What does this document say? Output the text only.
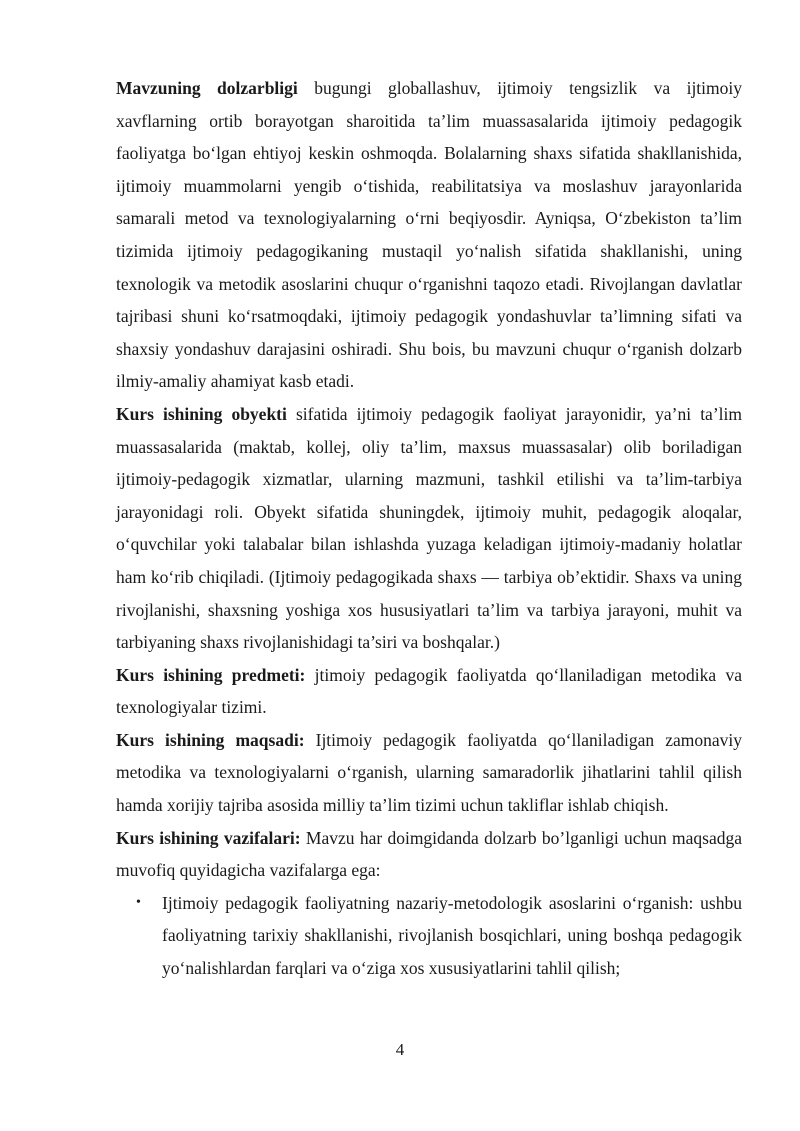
Mavzuning dolzarbligi bugungi globallashuv, ijtimoiy tengsizlik va ijtimoiy xavflarning ortib borayotgan sharoitida ta’lim muassasalarida ijtimoiy pedagogik faoliyatga bo‘lgan ehtiyoj keskin oshmoqda. Bolalarning shaxs sifatida shakllanishida, ijtimoiy muammolarni yengib o‘tishida, reabilitatsiya va moslashuv jarayonlarida samarali metod va texnologiyalarning o‘rni beqiyosdir. Ayniqsa, O‘zbekiston ta’lim tizimida ijtimoiy pedagogikaning mustaqil yo‘nalish sifatida shakllanishi, uning texnologik va metodik asoslarini chuqur o‘rganishni taqozo etadi. Rivojlangan davlatlar tajribasi shuni ko‘rsatmoqdaki, ijtimoiy pedagogik yondashuvlar ta’limning sifati va shaxsiy yondashuv darajasini oshiradi. Shu bois, bu mavzuni chuqur o‘rganish dolzarb ilmiy-amaliy ahamiyat kasb etadi.

Kurs ishining obyekti sifatida ijtimoiy pedagogik faoliyat jarayonidir, ya’ni ta’lim muassasalarida (maktab, kollej, oliy ta’lim, maxsus muassasalar) olib boriladigan ijtimoiy-pedagogik xizmatlar, ularning mazmuni, tashkil etilishi va ta’lim-tarbiya jarayonidagi roli. Obyekt sifatida shuningdek, ijtimoiy muhit, pedagogik aloqalar, o‘quvchilar yoki talabalar bilan ishlashda yuzaga keladigan ijtimoiy-madaniy holatlar ham ko‘rib chiqiladi. (Ijtimoiy pedagogikada shaxs — tarbiya ob’ektidir. Shaxs va uning rivojlanishi, shaxsning yoshiga xos hususiyatlari ta’lim va tarbiya jarayoni, muhit va tarbiyaning shaxs rivojlanishidagi ta’siri va boshqalar.)

Kurs ishining predmeti: jtimoiy pedagogik faoliyatda qo‘llaniladigan metodika va texnologiyalar tizimi.

Kurs ishining maqsadi: Ijtimoiy pedagogik faoliyatda qo‘llaniladigan zamonaviy metodika va texnologiyalarni o‘rganish, ularning samaradorlik jihatlarini tahlil qilish hamda xorijiy tajriba asosida milliy ta’lim tizimi uchun takliflar ishlab chiqish.

Kurs ishining vazifalari: Mavzu har doimgidanda dolzarb bo’lganligi uchun maqsadga muvofiq quyidagicha vazifalarga ega:

• Ijtimoiy pedagogik faoliyatning nazariy-metodologik asoslarini o‘rganish: ushbu faoliyatning tarixiy shakllanishi, rivojlanish bosqichlari, uning boshqa pedagogik yo‘nalishlardan farqlari va o‘ziga xos xususiyatlarini tahlil qilish;
4
